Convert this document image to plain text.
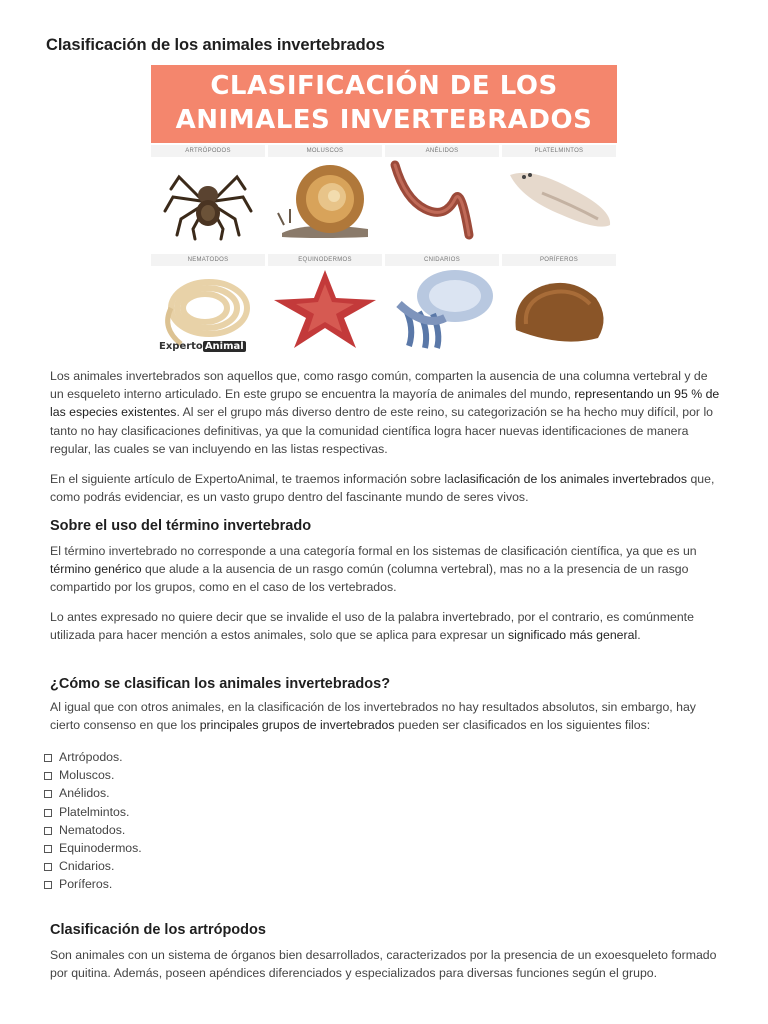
Clasificación de los animales invertebrados
CLASIFICACIÓN DE LOS
ANIMALES INVERTEBRADOS
ARTRÓPODOS	MOLUSCOS	ANÉLIDOS	PLATELMINTOS
NEMATODOS	EQUINODERMOS	CNIDARIOS	PORÍFEROS
Experto Animal

Los animales invertebrados son aquellos que, como rasgo común, comparten la ausencia de una columna vertebral y de un esqueleto interno articulado. En este grupo se encuentra la mayoría de animales del mundo, representando un 95 % de las especies existentes. Al ser el grupo más diverso dentro de este reino, su categorización se ha hecho muy difícil, por lo tanto no hay clasificaciones definitivas, ya que la comunidad científica logra hacer nuevas identificaciones de manera regular, las cuales se van incluyendo en las listas respectivas.

En el siguiente artículo de ExpertoAnimal, te traemos información sobre laclasificación de los animales invertebrados que, como podrás evidenciar, es un vasto grupo dentro del fascinante mundo de seres vivos.

Sobre el uso del término invertebrado

El término invertebrado no corresponde a una categoría formal en los sistemas de clasificación científica, ya que es un término genérico que alude a la ausencia de un rasgo común (columna vertebral), mas no a la presencia de un rasgo compartido por los grupos, como en el caso de los vertebrados.

Lo antes expresado no quiere decir que se invalide el uso de la palabra invertebrado, por el contrario, es comúnmente utilizada para hacer mención a estos animales, solo que se aplica para expresar un significado más general.

¿Cómo se clasifican los animales invertebrados?

Al igual que con otros animales, en la clasificación de los invertebrados no hay resultados absolutos, sin embargo, hay cierto consenso en que los principales grupos de invertebrados pueden ser clasificados en los siguientes filos:

Artrópodos.
Moluscos.
Anélidos.
Platelmintos.
Nematodos.
Equinodermos.
Cnidarios.
Poríferos.
Clasificación de los artrópodos

Son animales con un sistema de órganos bien desarrollados, caracterizados por la presencia de un exoesqueleto formado por quitina. Además, poseen apéndices diferenciados y especializados para diversas funciones según el grupo.
